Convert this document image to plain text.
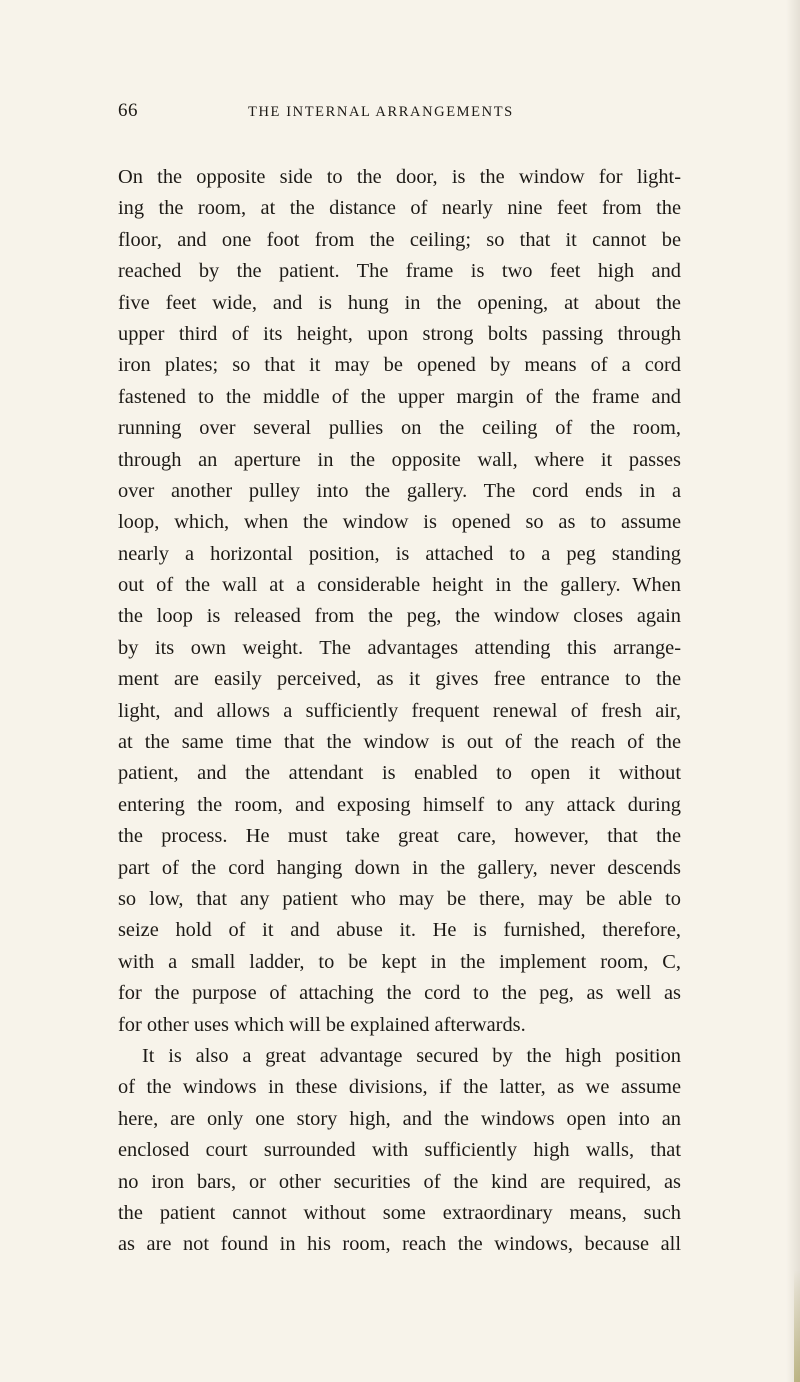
66	THE INTERNAL ARRANGEMENTS
On the opposite side to the door, is the window for light-
ing the room, at the distance of nearly nine feet from the
floor, and one foot from the ceiling; so that it cannot be
reached by the patient. The frame is two feet high and
five feet wide, and is hung in the opening, at about the
upper third of its height, upon strong bolts passing through
iron plates; so that it may be opened by means of a cord
fastened to the middle of the upper margin of the frame and
running over several pullies on the ceiling of the room,
through an aperture in the opposite wall, where it passes
over another pulley into the gallery. The cord ends in a
loop, which, when the window is opened so as to assume
nearly a horizontal position, is attached to a peg standing
out of the wall at a considerable height in the gallery. When
the loop is released from the peg, the window closes again
by its own weight. The advantages attending this arrange-
ment are easily perceived, as it gives free entrance to the
light, and allows a sufficiently frequent renewal of fresh air,
at the same time that the window is out of the reach of the
patient, and the attendant is enabled to open it without
entering the room, and exposing himself to any attack during
the process. He must take great care, however, that the
part of the cord hanging down in the gallery, never descends
so low, that any patient who may be there, may be able to
seize hold of it and abuse it. He is furnished, therefore,
with a small ladder, to be kept in the implement room, C,
for the purpose of attaching the cord to the peg, as well as
for other uses which will be explained afterwards.
It is also a great advantage secured by the high position
of the windows in these divisions, if the latter, as we assume
here, are only one story high, and the windows open into an
enclosed court surrounded with sufficiently high walls, that
no iron bars, or other securities of the kind are required, as
the patient cannot without some extraordinary means, such
as are not found in his room, reach the windows, because all
